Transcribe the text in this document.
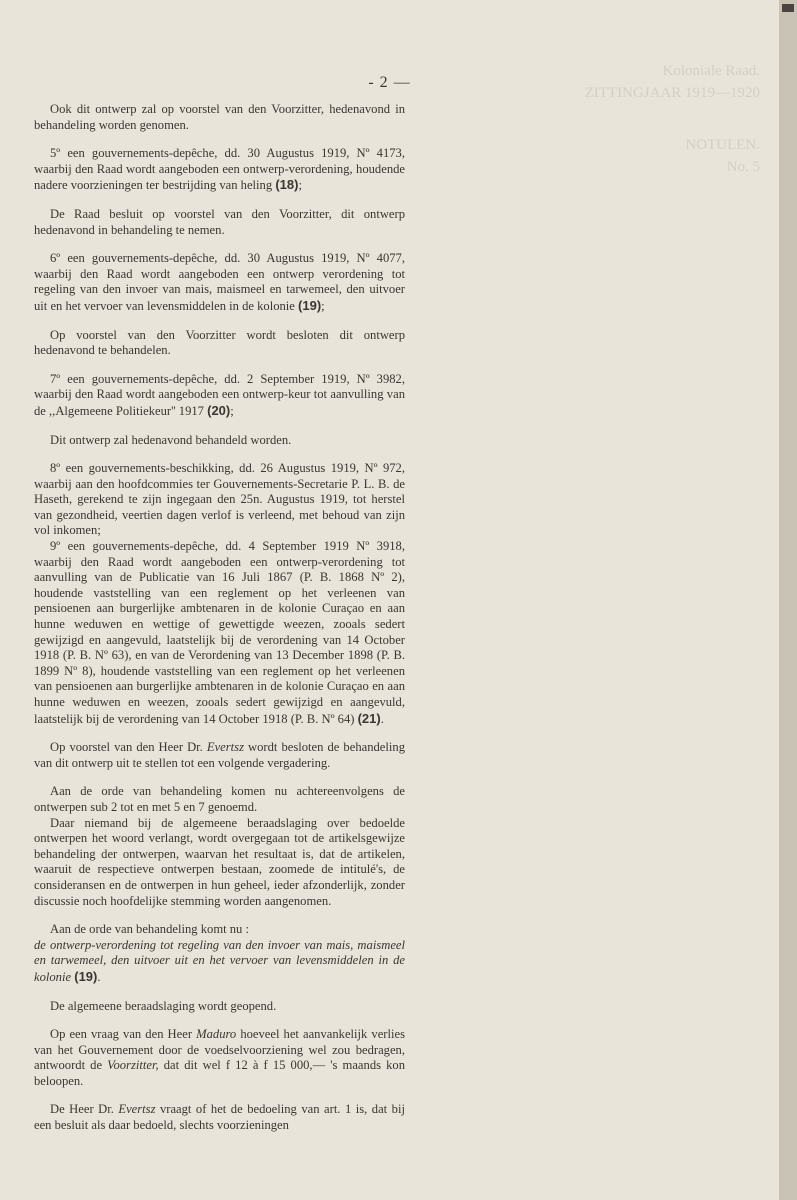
Koloniale Raad.
ZITTINGJAAR 1919—1920
NOTULEN.
No. 5
- 2 —

Ook dit ontwerp zal op voorstel van den Voorzitter, hedenavond in behandeling worden genomen.

5º een gouvernements-depêche, dd. 30 Augustus 1919, Nº 4173, waarbij den Raad wordt aangeboden een ontwerp-verordening, houdende nadere voorzieningen ter bestrijding van heling (18);

De Raad besluit op voorstel van den Voorzitter, dit ontwerp hedenavond in behandeling te nemen.

6º een gouvernements-depêche, dd. 30 Augustus 1919, Nº 4077, waarbij den Raad wordt aangeboden een ontwerp verordening tot regeling van den invoer van mais, maismeel en tarwemeel, den uitvoer uit en het vervoer van levensmiddelen in de kolonie (19);

Op voorstel van den Voorzitter wordt besloten dit ontwerp hedenavond te behandelen.

7º een gouvernements-depêche, dd. 2 September 1919, Nº 3982, waarbij den Raad wordt aangeboden een ontwerp-keur tot aanvulling van de ,,Algemeene Politiekeur'' 1917 (20);

Dit ontwerp zal hedenavond behandeld worden.

8º een gouvernements-beschikking, dd. 26 Augustus 1919, Nº 972, waarbij aan den hoofdcommies ter Gouvernements-Secretarie P. L. B. de Haseth, gerekend te zijn ingegaan den 25n. Augustus 1919, tot herstel van gezondheid, veertien dagen verlof is verleend, met behoud van zijn vol inkomen;

9º een gouvernements-depêche, dd. 4 September 1919 Nº 3918, waarbij den Raad wordt aangeboden een ontwerp-verordening tot aanvulling van de Publicatie van 16 Juli 1867 (P. B. 1868 Nº 2), houdende vaststelling van een reglement op het verleenen van pensioenen aan burgerlijke ambtenaren in de kolonie Curaçao en aan hunne weduwen en wettige of gewettigde weezen, zooals sedert gewijzigd en aangevuld, laatstelijk bij de verordening van 14 October 1918 (P. B. Nº 63), en van de Verordening van 13 December 1898 (P. B. 1899 Nº 8), houdende vaststelling van een reglement op het verleenen van pensioenen aan burgerlijke ambtenaren in de kolonie Curaçao en aan hunne weduwen en weezen, zooals sedert gewijzigd en aangevuld, laatstelijk bij de verordening van 14 October 1918 (P. B. Nº 64) (21).

Op voorstel van den Heer Dr. Evertsz wordt besloten de behandeling van dit ontwerp uit te stellen tot een volgende vergadering.

Aan de orde van behandeling komen nu achtereenvolgens de ontwerpen sub 2 tot en met 5 en 7 genoemd.

Daar niemand bij de algemeene beraadslaging over bedoelde ontwerpen het woord verlangt, wordt overgegaan tot de artikelsgewijze behandeling der ontwerpen, waarvan het resultaat is, dat de artikelen, waaruit de respectieve ontwerpen bestaan, zoomede de intitulé's, de consideransen en de ontwerpen in hun geheel, ieder afzonderlijk, zonder discussie noch hoofdelijke stemming worden aangenomen.

Aan de orde van behandeling komt nu :

de ontwerp-verordening tot regeling van den invoer van mais, maismeel en tarwemeel, den uitvoer uit en het vervoer van levensmiddelen in de kolonie (19).

De algemeene beraadslaging wordt geopend.

Op een vraag van den Heer Maduro hoeveel het aanvankelijk verlies van het Gouvernement door de voedselvoorziening wel zou bedragen, antwoordt de Voorzitter, dat dit wel f 12 à f 15 000,— 's maands kon beloopen.

De Heer Dr. Evertsz vraagt of het de bedoeling van art. 1 is, dat bij een besluit als daar bedoeld, slechts voorzieningen
